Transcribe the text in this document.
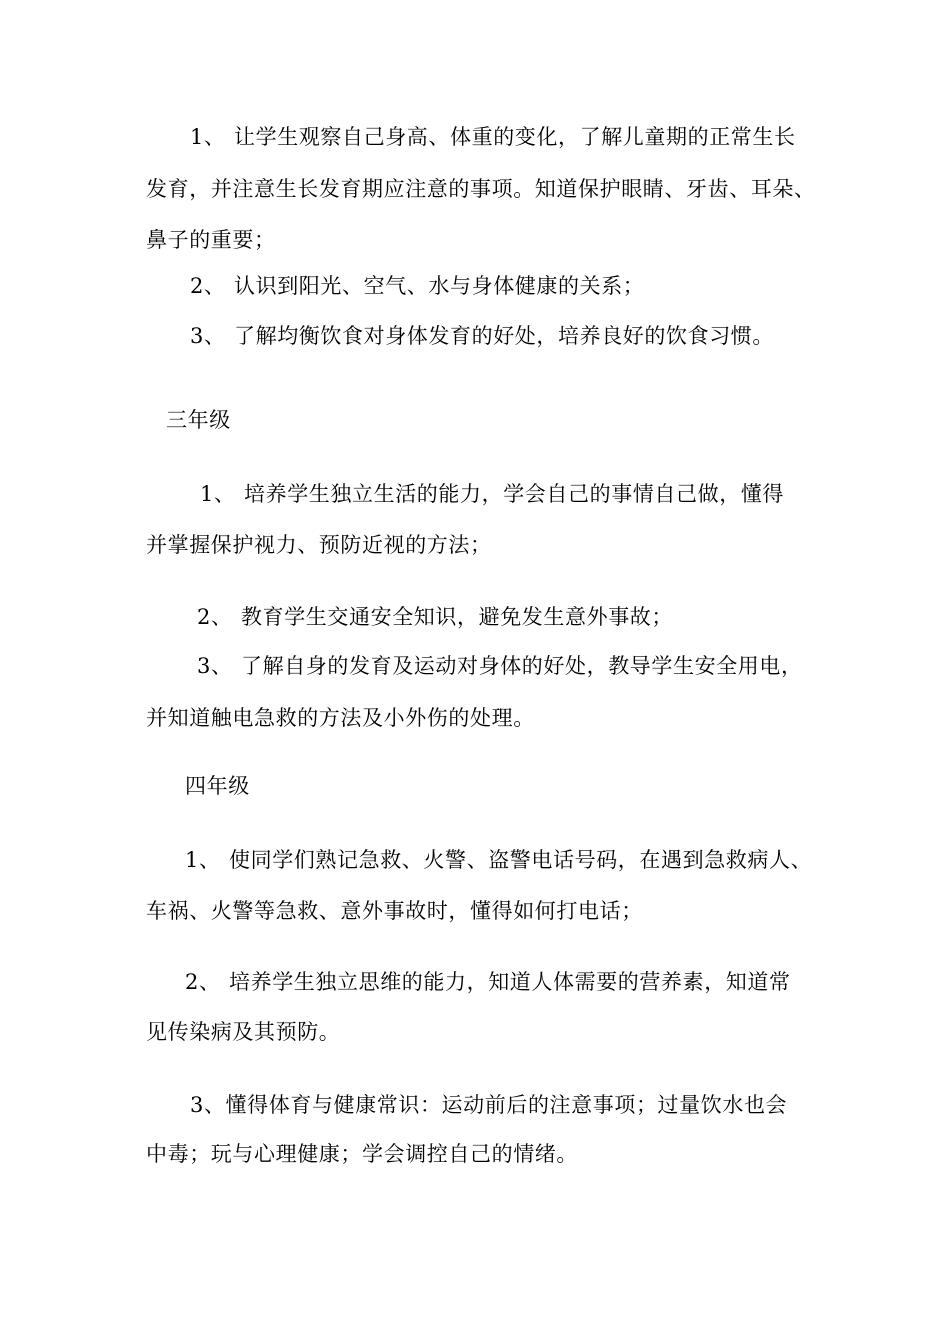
1、 让学生观察自己身高、体重的变化，了解儿童期的正常生长
发育，并注意生长发育期应注意的事项。知道保护眼睛、牙齿、耳朵、
鼻子的重要；
2、 认识到阳光、空气、水与身体健康的关系；
3、 了解均衡饮食对身体发育的好处，培养良好的饮食习惯。
三年级
1、 培养学生独立生活的能力，学会自己的事情自己做，懂得
并掌握保护视力、预防近视的方法；
2、 教育学生交通安全知识，避免发生意外事故；
3、 了解自身的发育及运动对身体的好处，教导学生安全用电，
并知道触电急救的方法及小外伤的处理。
四年级
1、 使同学们熟记急救、火警、盗警电话号码，在遇到急救病人、
车祸、火警等急救、意外事故时，懂得如何打电话；
2、 培养学生独立思维的能力，知道人体需要的营养素，知道常
见传染病及其预防。
3、懂得体育与健康常识：运动前后的注意事项；过量饮水也会
中毒；玩与心理健康；学会调控自己的情绪。
